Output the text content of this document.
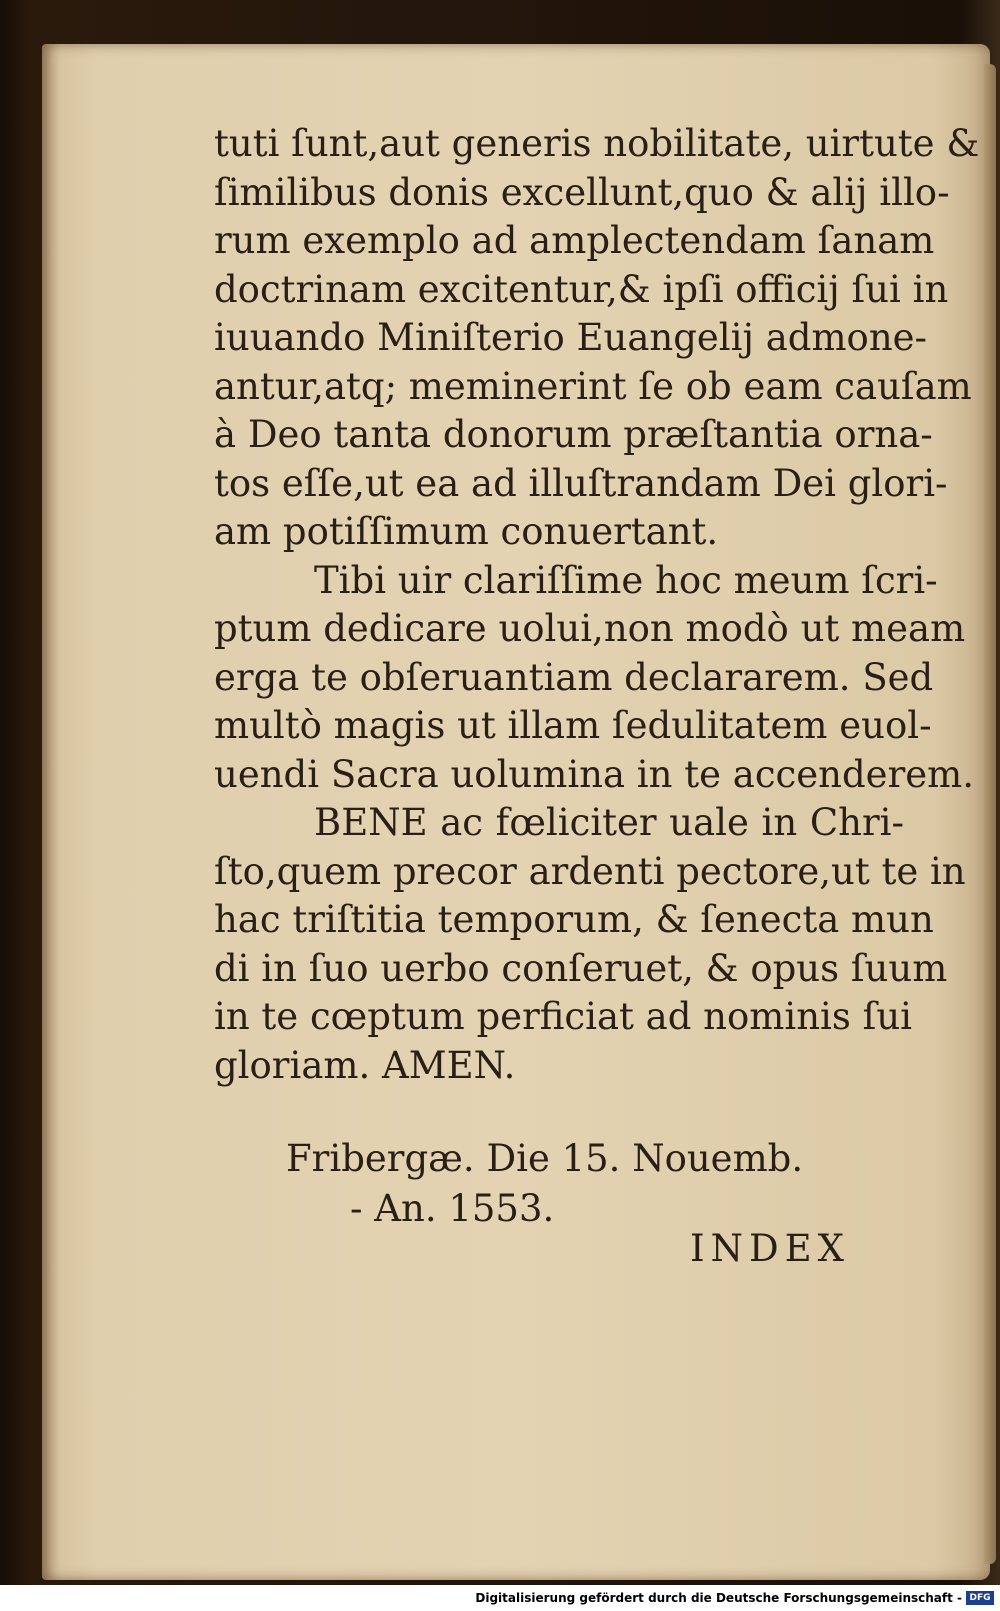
tuti ſunt,aut generis nobilitate, uirtute &
ſimilibus donis excellunt,quo & alij illo-
rum exemplo ad amplectendam ſanam
doctrinam excitentur,& ipſi officij ſui in
iuuando Miniſterio Euangelij admone-
antur,atq; meminerint ſe ob eam cauſam
à Deo tanta donorum præſtantia orna-
tos eſſe,ut ea ad illuſtrandam Dei glori-
am potiſſimum conuertant.
Tibi uir clariſſime hoc meum ſcri-
ptum dedicare uolui,non modò ut meam
erga te obſeruantiam declararem. Sed
multò magis ut illam ſedulitatem euol-
uendi Sacra uolumina in te accenderem.
BENE ac fœliciter uale in Chri-
ſto,quem precor ardenti pectore,ut te in
hac triſtitia temporum, & ſenecta mun
di in ſuo uerbo conſeruet, & opus ſuum
in te cœptum perficiat ad nominis ſui
gloriam. AMEN.
Fribergæ. Die 15. Nouemb.
- An. 1553.
INDEX
Digitalisierung gefördert durch die Deutsche Forschungsgemeinschaft - DFG
